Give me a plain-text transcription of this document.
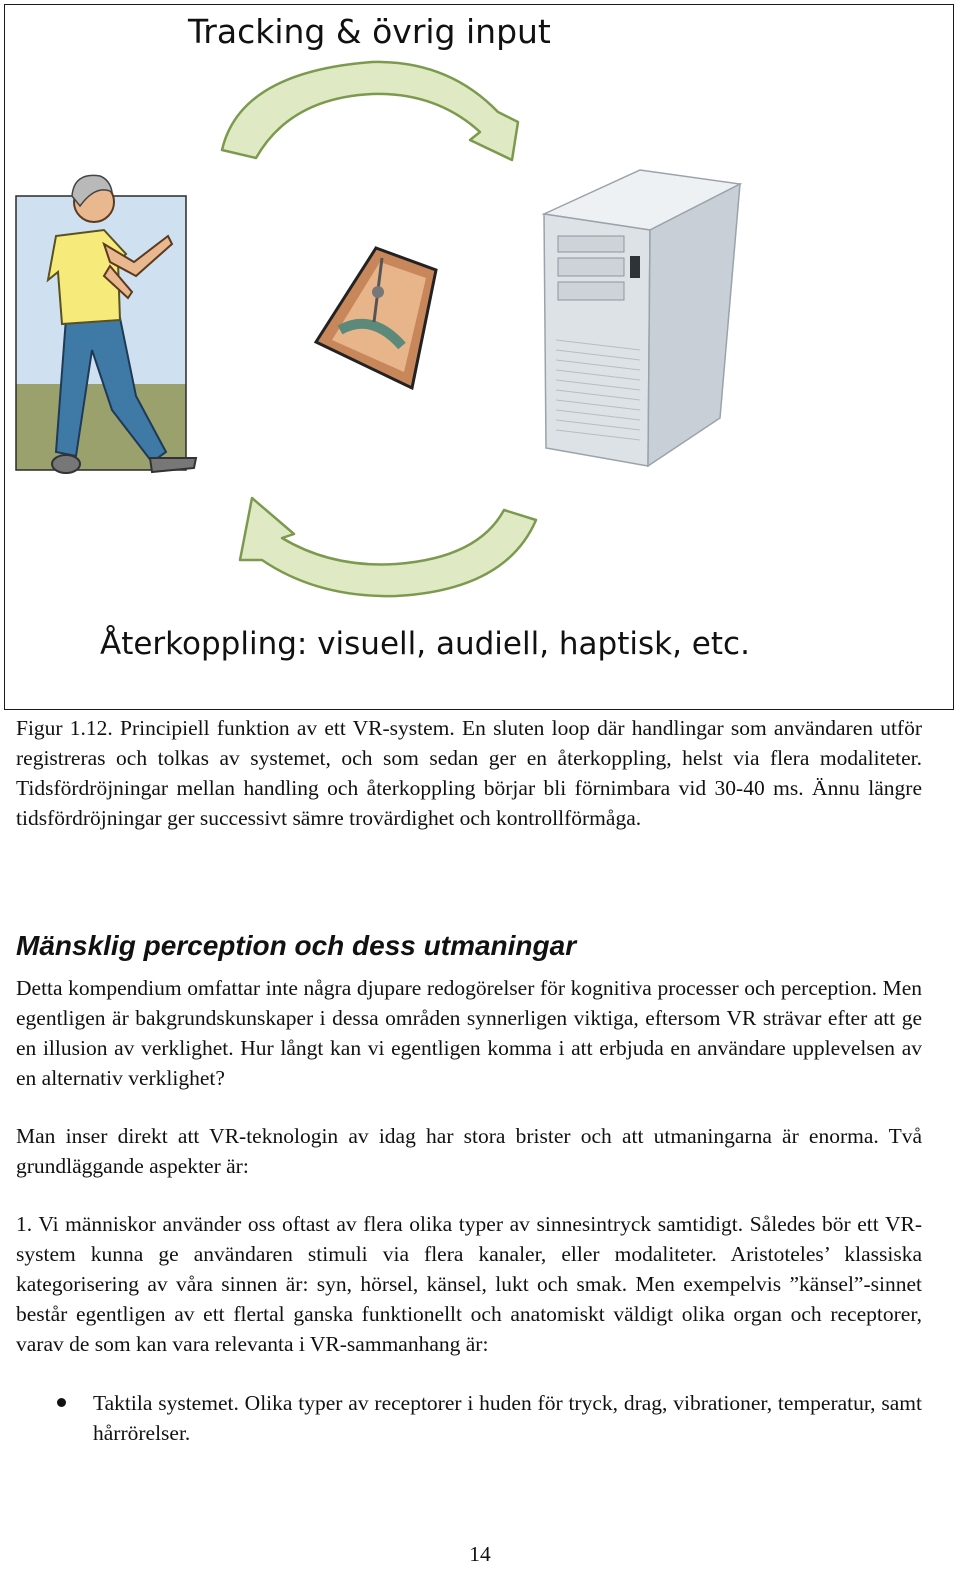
Tracking & övrig input
Återkoppling: visuell, audiell, haptisk, etc.

Figur 1.12. Principiell funktion av ett VR-system. En sluten loop där handlingar som användaren utför registreras och tolkas av systemet, och som sedan ger en återkoppling, helst via flera modaliteter. Tidsfördröjningar mellan handling och återkoppling börjar bli förnimbara vid 30-40 ms. Ännu längre tidsfördröjningar ger successivt sämre trovärdighet och kontrollförmåga.

Mänsklig perception och dess utmaningar

Detta kompendium omfattar inte några djupare redogörelser för kognitiva processer och perception. Men egentligen är bakgrundskunskaper i dessa områden synnerligen viktiga, eftersom VR strävar efter att ge en illusion av verklighet. Hur långt kan vi egentligen komma i att erbjuda en användare upplevelsen av en alternativ verklighet?

Man inser direkt att VR-teknologin av idag har stora brister och att utmaningarna är enorma. Två grundläggande aspekter är:

1. Vi människor använder oss oftast av flera olika typer av sinnesintryck samtidigt. Således bör ett VR-system kunna ge användaren stimuli via flera kanaler, eller modaliteter. Aristoteles’ klassiska kategorisering av våra sinnen är: syn, hörsel, känsel, lukt och smak. Men exempelvis ”känsel”-sinnet består egentligen av ett flertal ganska funktionellt och anatomiskt väldigt olika organ och receptorer, varav de som kan vara relevanta i VR-sammanhang är:

Taktila systemet. Olika typer av receptorer i huden för tryck, drag, vibrationer, temperatur, samt hårrörelser.
14
